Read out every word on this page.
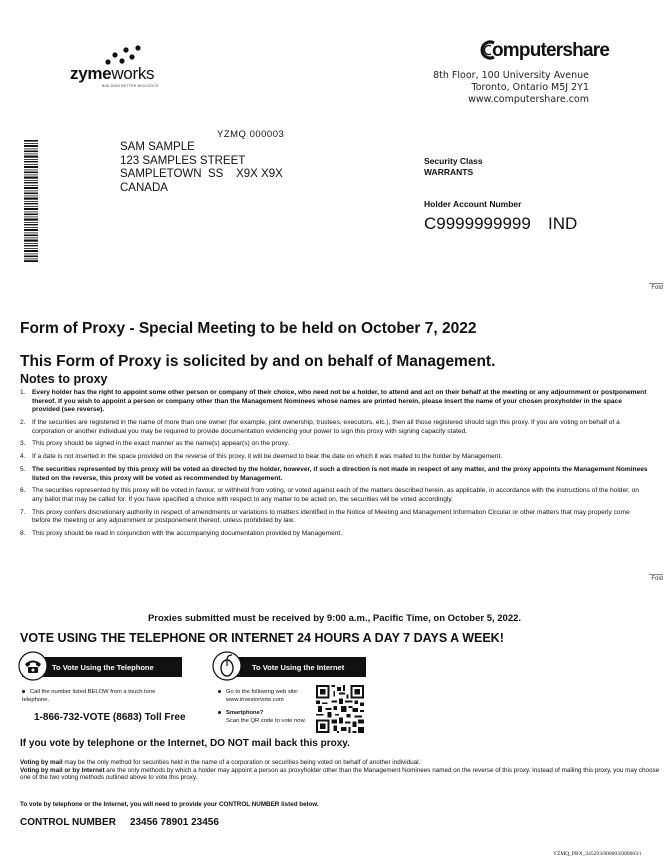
zymeworks
BUILDING BETTER BIOLOGICS
omputershare
8th Floor, 100 University Avenue
Toronto, Ontario M5J 2Y1
www.computershare.com
YZMQ 000003
SAM SAMPLE
123 SAMPLES STREET
SAMPLETOWN  SS    X9X X9X
CANADA
Security Class
WARRANTS
Holder Account Number
C9999999999 IND
Fold
Fold
Form of Proxy - Special Meeting to be held on October 7, 2022
This Form of Proxy is solicited by and on behalf of Management.
Notes to proxy
1. Every holder has the right to appoint some other person or company of their choice, who need not be a holder, to attend and act on their behalf at the meeting or any adjournment or postponement thereof. If you wish to appoint a person or company other than the Management Nominees whose names are printed herein, please insert the name of your chosen proxyholder in the space provided (see reverse).
2. If the securities are registered in the name of more than one owner (for example, joint ownership, trustees, executors, etc.), then all those registered should sign this proxy. If you are voting on behalf of a corporation or another individual you may be required to provide documentation evidencing your power to sign this proxy with signing capacity stated.
3. This proxy should be signed in the exact manner as the name(s) appear(s) on the proxy.
4. If a date is not inserted in the space provided on the reverse of this proxy, it will be deemed to bear the date on which it was mailed to the holder by Management.
5. The securities represented by this proxy will be voted as directed by the holder, however, if such a direction is not made in respect of any matter, and the proxy appoints the Management Nominees listed on the reverse, this proxy will be voted as recommended by Management.
6. The securities represented by this proxy will be voted in favour, or withheld from voting, or voted against each of the matters described herein, as applicable, in accordance with the instructions of the holder, on any ballot that may be called for. If you have specified a choice with respect to any matter to be acted on, the securities will be voted accordingly.
7. This proxy confers discretionary authority in respect of amendments or variations to matters identified in the Notice of Meeting and Management Information Circular or other matters that may properly come before the meeting or any adjournment or postponement thereof, unless prohibited by law.
8. This proxy should be read in conjunction with the accompanying documentation provided by Management.
Proxies submitted must be received by 9:00 a.m., Pacific Time, on October 5, 2022.
VOTE USING THE TELEPHONE OR INTERNET 24 HOURS A DAY 7 DAYS A WEEK!
To Vote Using the Telephone	To Vote Using the Internet
Call the number listed BELOW from a touch tone telephone.
1-866-732-VOTE (8683) Toll Free
Go to the following web site:
www.investorvote.com
Smartphone?
Scan the QR code to vote now.
If you vote by telephone or the Internet, DO NOT mail back this proxy.
Voting by mail may be the only method for securities held in the name of a corporation or securities being voted on behalf of another individual.
Voting by mail or by Internet are the only methods by which a holder may appoint a person as proxyholder other than the Management Nominees named on the reverse of this proxy. Instead of mailing this proxy, you may choose one of the two voting methods outlined above to vote this proxy.
To vote by telephone or the Internet, you will need to provide your CONTROL NUMBER listed below.
CONTROL NUMBER 23456 78901 23456
YZMQ_PRX_345293/000003/000003/i
